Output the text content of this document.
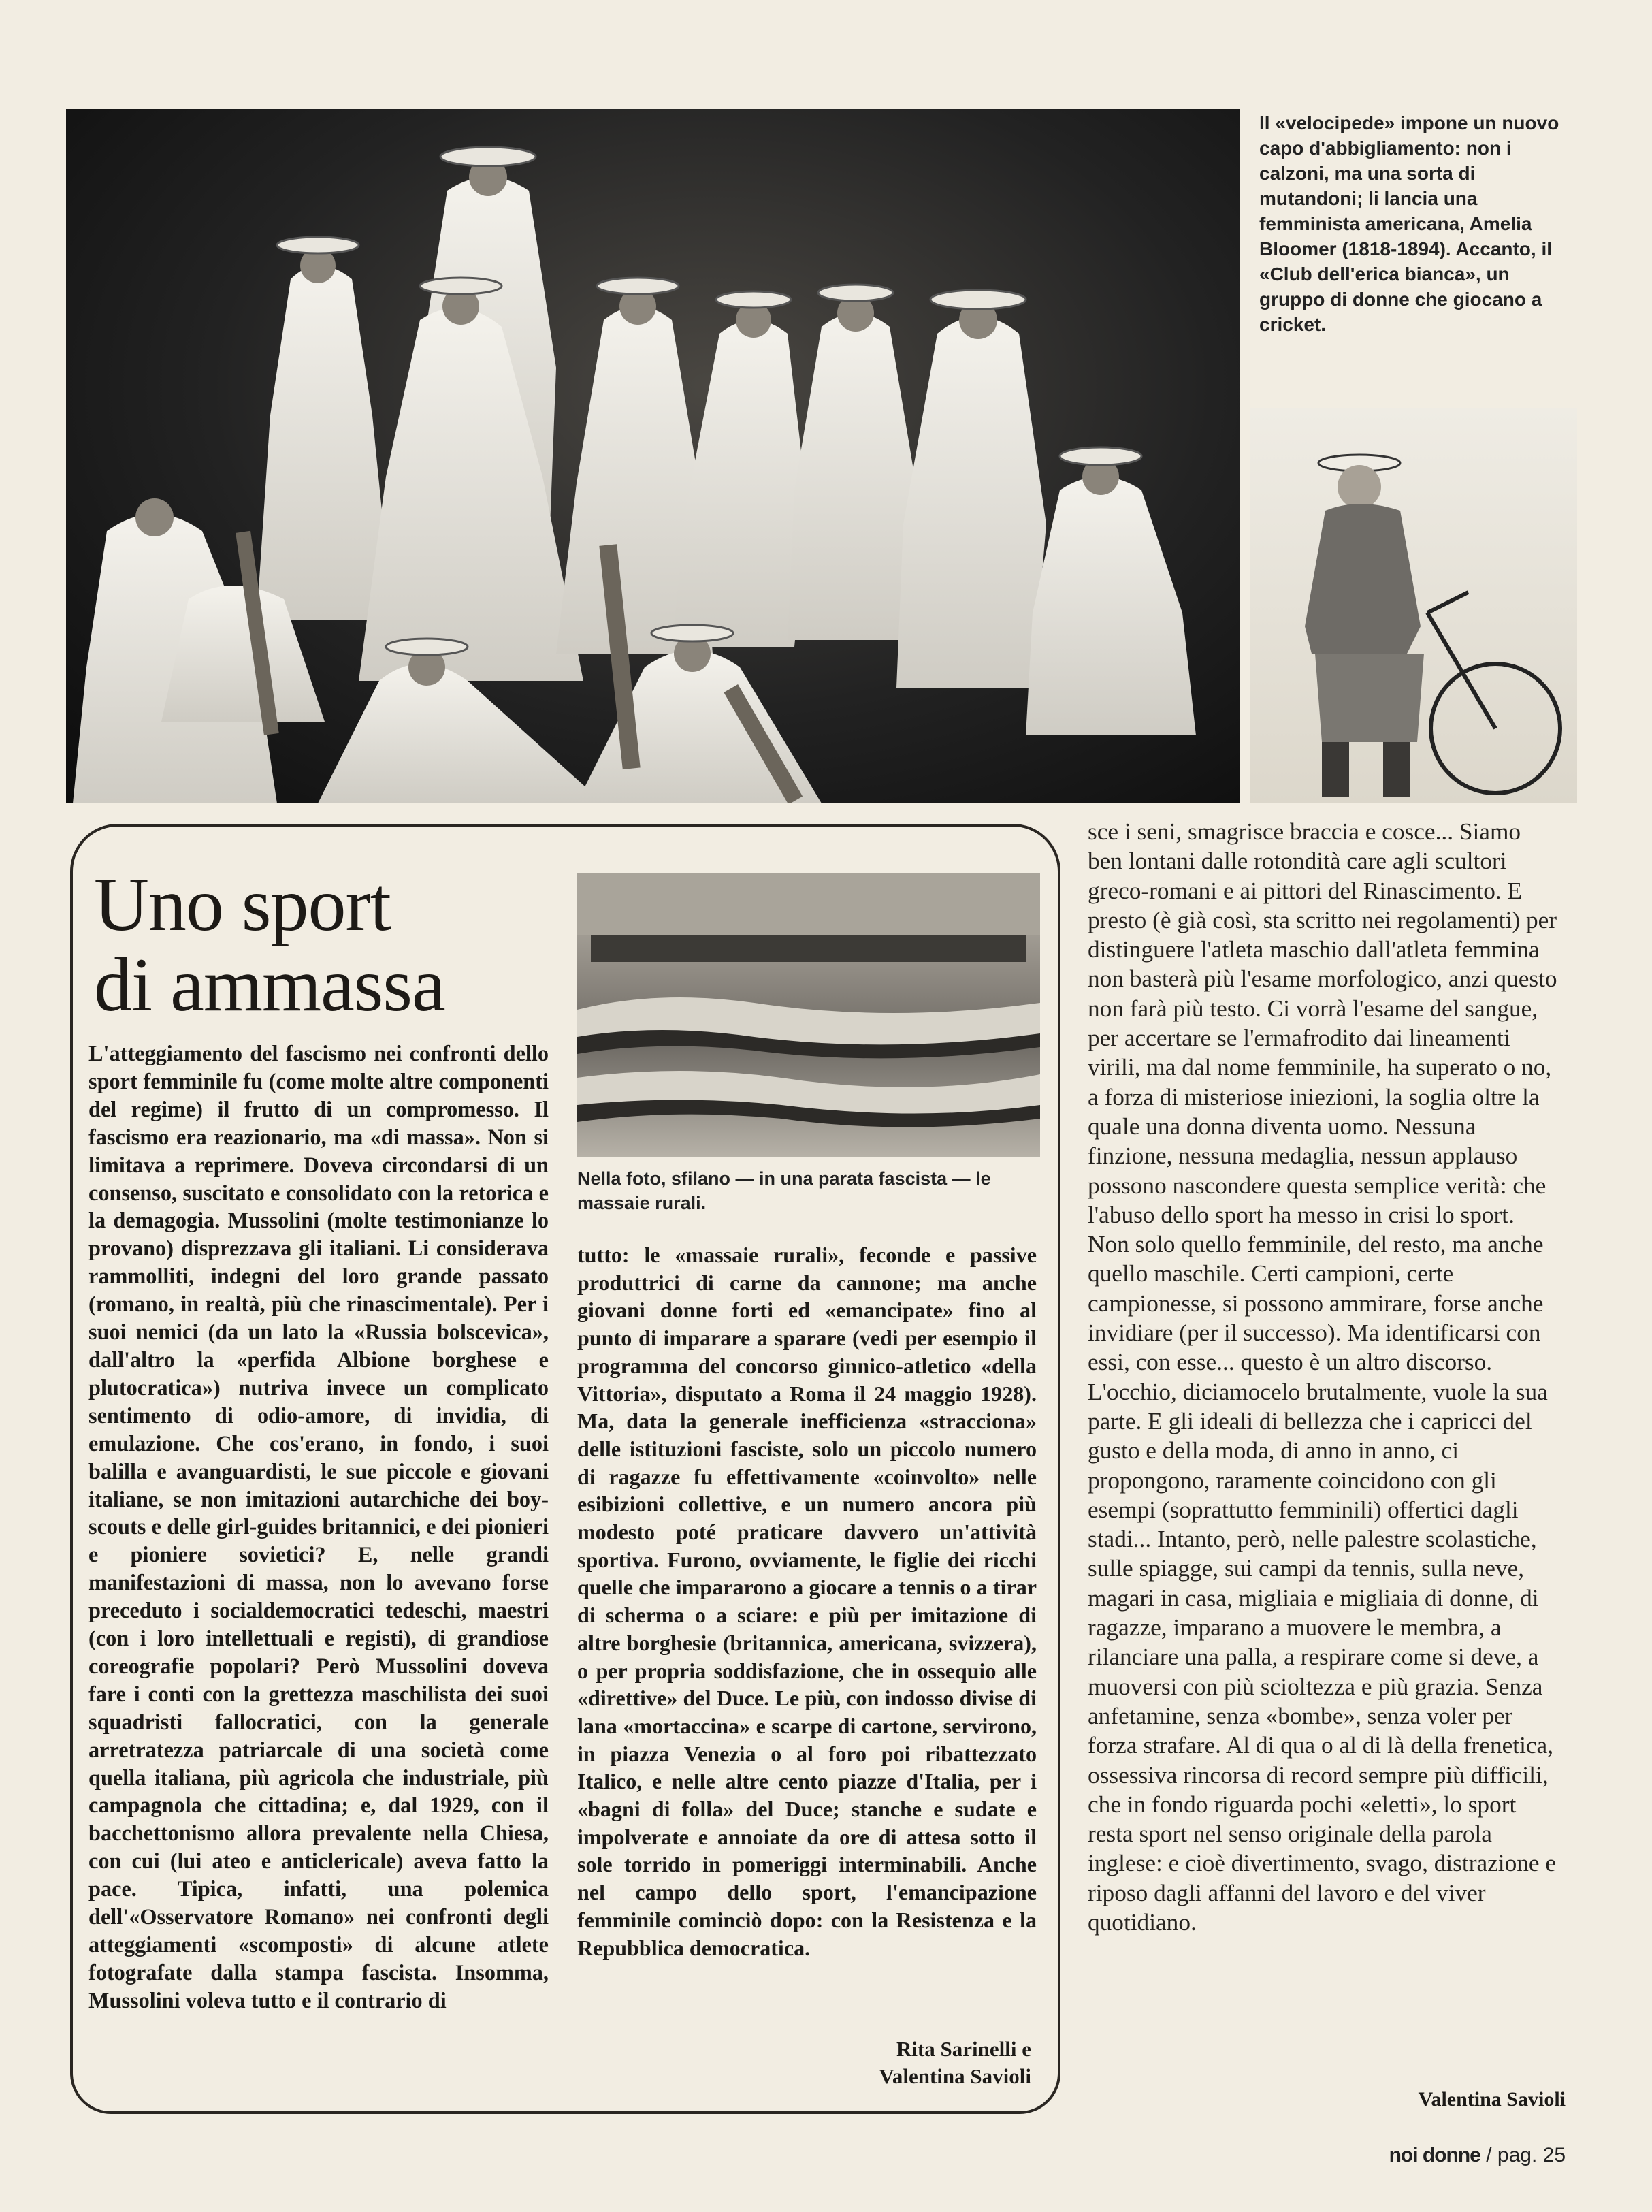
Il «velocipede» impone un nuovo capo d'abbigliamento: non i calzoni, ma una sorta di mutandoni; li lancia una femminista americana, Amelia Bloomer (1818-1894). Accanto, il «Club dell'erica bianca», un gruppo di donne che giocano a cricket.
Uno sport
di ammassa

L'atteggiamento del fascismo nei confronti dello sport femminile fu (come molte altre componenti del regime) il frutto di un compromesso. Il fascismo era reazionario, ma «di massa». Non si limitava a reprimere. Doveva circondarsi di un consenso, suscitato e consolidato con la retorica e la demagogia. Mussolini (molte testimonianze lo provano) disprezzava gli italiani. Li considerava rammolliti, indegni del loro grande passato (romano, in realtà, più che rinascimentale). Per i suoi nemici (da un lato la «Russia bolscevica», dall'altro la «perfida Albione borghese e plutocratica») nutriva invece un complicato sentimento di odio-amore, di invidia, di emulazione. Che cos'erano, in fondo, i suoi balilla e avanguardisti, le sue piccole e giovani italiane, se non imitazioni autarchiche dei boy-scouts e delle girl-guides britannici, e dei pionieri e pioniere sovietici? E, nelle grandi manifestazioni di massa, non lo avevano forse preceduto i socialdemocratici tedeschi, maestri (con i loro intellettuali e registi), di grandiose coreografie popolari? Però Mussolini doveva fare i conti con la grettezza maschilista dei suoi squadristi fallocratici, con la generale arretratezza patriarcale di una società come quella italiana, più agricola che industriale, più campagnola che cittadina; e, dal 1929, con il bacchettonismo allora prevalente nella Chiesa, con cui (lui ateo e anticlericale) aveva fatto la pace. Tipica, infatti, una polemica dell'«Osservatore Romano» nei confronti degli atteggiamenti «scomposti» di alcune atlete fotografate dalla stampa fascista. Insomma, Mussolini voleva tutto e il contrario di

Nella foto, sfilano — in una parata fascista — le massaie rurali.

tutto: le «massaie rurali», feconde e passive produttrici di carne da cannone; ma anche giovani donne forti ed «emancipate» fino al punto di imparare a sparare (vedi per esempio il programma del concorso ginnico-atletico «della Vittoria», disputato a Roma il 24 maggio 1928). Ma, data la generale inefficienza «stracciona» delle istituzioni fasciste, solo un piccolo numero di ragazze fu effettivamente «coinvolto» nelle esibizioni collettive, e un numero ancora più modesto poté praticare davvero un'attività sportiva. Furono, ovviamente, le figlie dei ricchi quelle che impararono a giocare a tennis o a tirar di scherma o a sciare: e più per imitazione di altre borghesie (britannica, americana, svizzera), o per propria soddisfazione, che in ossequio alle «direttive» del Duce. Le più, con indosso divise di lana «mortaccina» e scarpe di cartone, servirono, in piazza Venezia o al foro poi ribattezzato Italico, e nelle altre cento piazze d'Italia, per i «bagni di folla» del Duce; stanche e sudate e impolverate e annoiate da ore di attesa sotto il sole torrido in pomeriggi interminabili. Anche nel campo dello sport, l'emancipazione femminile cominciò dopo: con la Resistenza e la Repubblica democratica.

Rita Sarinelli e
Valentina Savioli

sce i seni, smagrisce braccia e cosce... Siamo ben lontani dalle rotondità care agli scultori greco-romani e ai pittori del Rinascimento. E presto (è già così, sta scritto nei regolamenti) per distinguere l'atleta maschio dall'atleta femmina non basterà più l'esame morfologico, anzi questo non farà più testo. Ci vorrà l'esame del sangue, per accertare se l'ermafrodito dai lineamenti virili, ma dal nome femminile, ha superato o no, a forza di misteriose iniezioni, la soglia oltre la quale una donna diventa uomo. Nessuna finzione, nessuna medaglia, nessun applauso possono nascondere questa semplice verità: che l'abuso dello sport ha messo in crisi lo sport. Non solo quello femminile, del resto, ma anche quello maschile. Certi campioni, certe campionesse, si possono ammirare, forse anche invidiare (per il successo). Ma identificarsi con essi, con esse... questo è un altro discorso. L'occhio, diciamocelo brutalmente, vuole la sua parte. E gli ideali di bellezza che i capricci del gusto e della moda, di anno in anno, ci propongono, raramente coincidono con gli esempi (soprattutto femminili) offertici dagli stadi... Intanto, però, nelle palestre scolastiche, sulle spiagge, sui campi da tennis, sulla neve, magari in casa, migliaia e migliaia di donne, di ragazze, imparano a muovere le membra, a rilanciare una palla, a respirare come si deve, a muoversi con più scioltezza e più grazia. Senza anfetamine, senza «bombe», senza voler per forza strafare. Al di qua o al di là della frenetica, ossessiva rincorsa di record sempre più difficili, che in fondo riguarda pochi «eletti», lo sport resta sport nel senso originale della parola inglese: e cioè divertimento, svago, distrazione e riposo dagli affanni del lavoro e del viver quotidiano.

Valentina Savioli
noi donne / pag. 25
